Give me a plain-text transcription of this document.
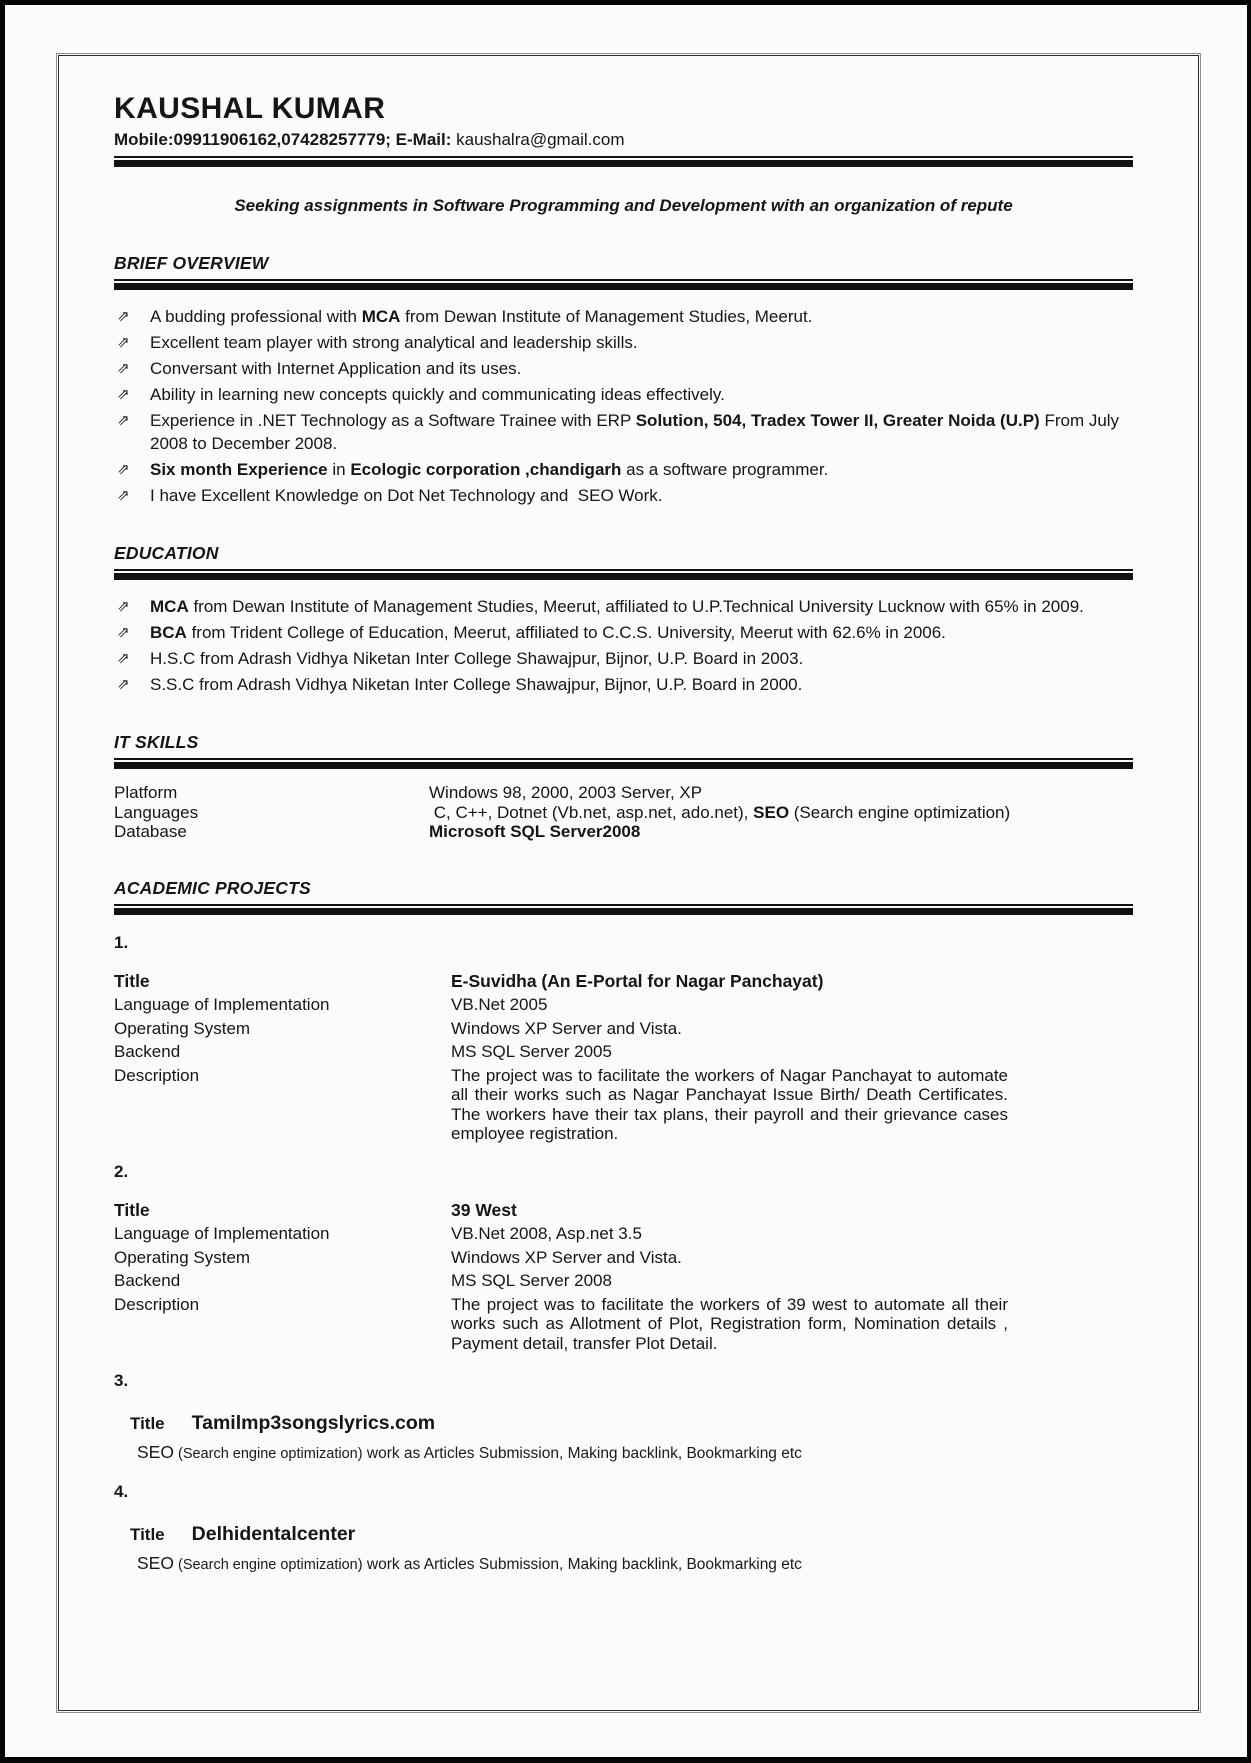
KAUSHAL KUMAR
Mobile:09911906162,07428257779; E-Mail: kaushalra@gmail.com
Seeking assignments in Software Programming and Development with an organization of repute
BRIEF OVERVIEW
⇗	A budding professional with MCA from Dewan Institute of Management Studies, Meerut.
⇗	Excellent team player with strong analytical and leadership skills.
⇗	Conversant with Internet Application and its uses.
⇗	Ability in learning new concepts quickly and communicating ideas effectively.
⇗	Experience in .NET Technology as a Software Trainee with ERP Solution, 504, Tradex Tower II, Greater Noida (U.P) From July 2008 to December 2008.
⇗	Six month Experience in Ecologic corporation ,chandigarh as a software programmer.
⇗	I have Excellent Knowledge on Dot Net Technology and  SEO Work.
EDUCATION
⇗	MCA from Dewan Institute of Management Studies, Meerut, affiliated to U.P.Technical University Lucknow with 65% in 2009.
⇗	BCA from Trident College of Education, Meerut, affiliated to C.C.S. University, Meerut with 62.6% in 2006.
⇗	H.S.C from Adrash Vidhya Niketan Inter College Shawajpur, Bijnor, U.P. Board in 2003.
⇗	S.S.C from Adrash Vidhya Niketan Inter College Shawajpur, Bijnor, U.P. Board in 2000.
IT SKILLS
Platform	Windows 98, 2000, 2003 Server, XP
Languages	C, C++, Dotnet (Vb.net, asp.net, ado.net), SEO (Search engine optimization)
Database	Microsoft SQL Server2008
ACADEMIC PROJECTS
1.
Title	E-Suvidha (An E-Portal for Nagar Panchayat)
Language of Implementation	VB.Net 2005
Operating System	Windows XP Server and Vista.
Backend	MS SQL Server 2005
Description	The project was to facilitate the workers of Nagar Panchayat to automate all their works such as Nagar Panchayat Issue Birth/ Death Certificates. The workers have their tax plans, their payroll and their grievance cases employee registration.
2.
Title	39 West
Language of Implementation	VB.Net 2008, Asp.net 3.5
Operating System	Windows XP Server and Vista.
Backend	MS SQL Server 2008
Description	The project was to facilitate the workers of 39 west to automate all their works such as Allotment of Plot, Registration form, Nomination details , Payment detail, transfer Plot Detail.
3.
Title Tamilmp3songslyrics.com
SEO (Search engine optimization) work as Articles Submission, Making backlink, Bookmarking etc
4.
Title Delhidentalcenter
SEO (Search engine optimization) work as Articles Submission, Making backlink, Bookmarking etc
